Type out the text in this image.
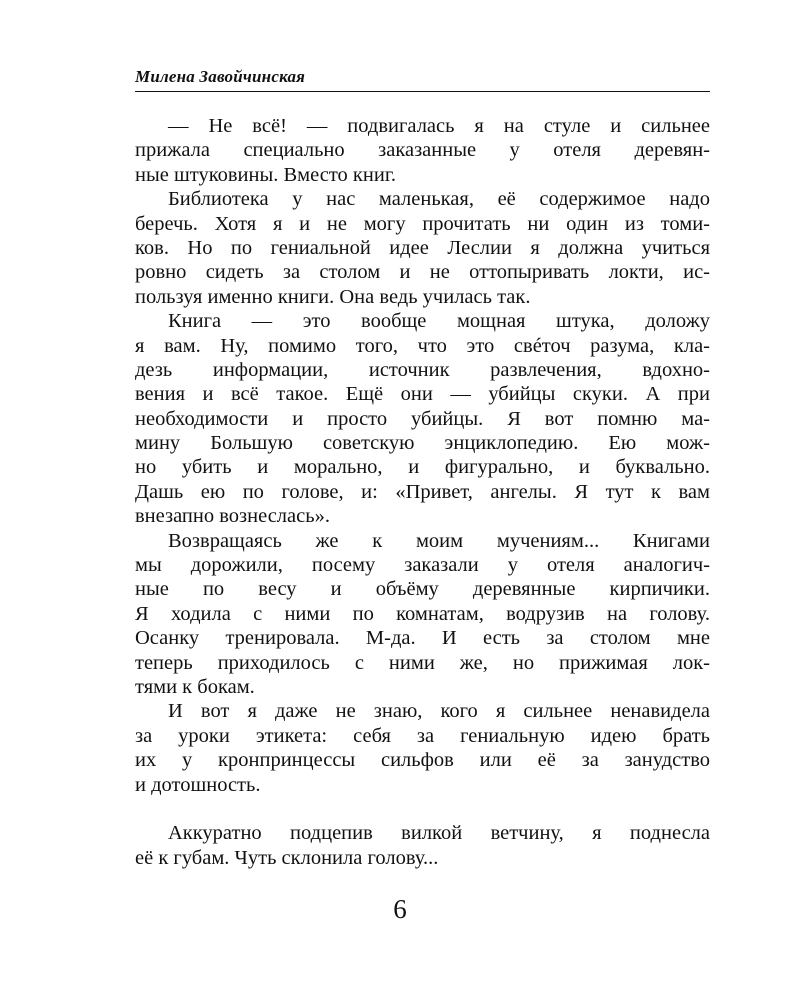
Милена Завойчинская
— Не всё! — подвигалась я на стуле и сильнее
прижала специально заказанные у отеля деревян-
ные штуковины. Вместо книг.
Библиотека у нас маленькая, её содержимое надо
беречь. Хотя я и не могу прочитать ни один из томи-
ков. Но по гениальной идее Леслии я должна учиться
ровно сидеть за столом и не оттопыривать локти, ис-
пользуя именно книги. Она ведь училась так.
Книга — это вообще мощная штука, доложу
я вам. Ну, помимо того, что это свéточ разума, кла-
дезь информации, источник развлечения, вдохно-
вения и всё такое. Ещё они — убийцы скуки. А при
необходимости и просто убийцы. Я вот помню ма-
мину Большую советскую энциклопедию. Ею мож-
но убить и морально, и фигурально, и буквально.
Дашь ею по голове, и: «Привет, ангелы. Я тут к вам
внезапно вознеслась».
Возвращаясь же к моим мучениям... Книгами
мы дорожили, посему заказали у отеля аналогич-
ные по весу и объёму деревянные кирпичики.
Я ходила с ними по комнатам, водрузив на голову.
Осанку тренировала. М-да. И есть за столом мне
теперь приходилось с ними же, но прижимая лок-
тями к бокам.
И вот я даже не знаю, кого я сильнее ненавидела
за уроки этикета: себя за гениальную идею брать
их у кронпринцессы сильфов или её за занудство
и дотошность.
Аккуратно подцепив вилкой ветчину, я поднесла
её к губам. Чуть склонила голову...
6
